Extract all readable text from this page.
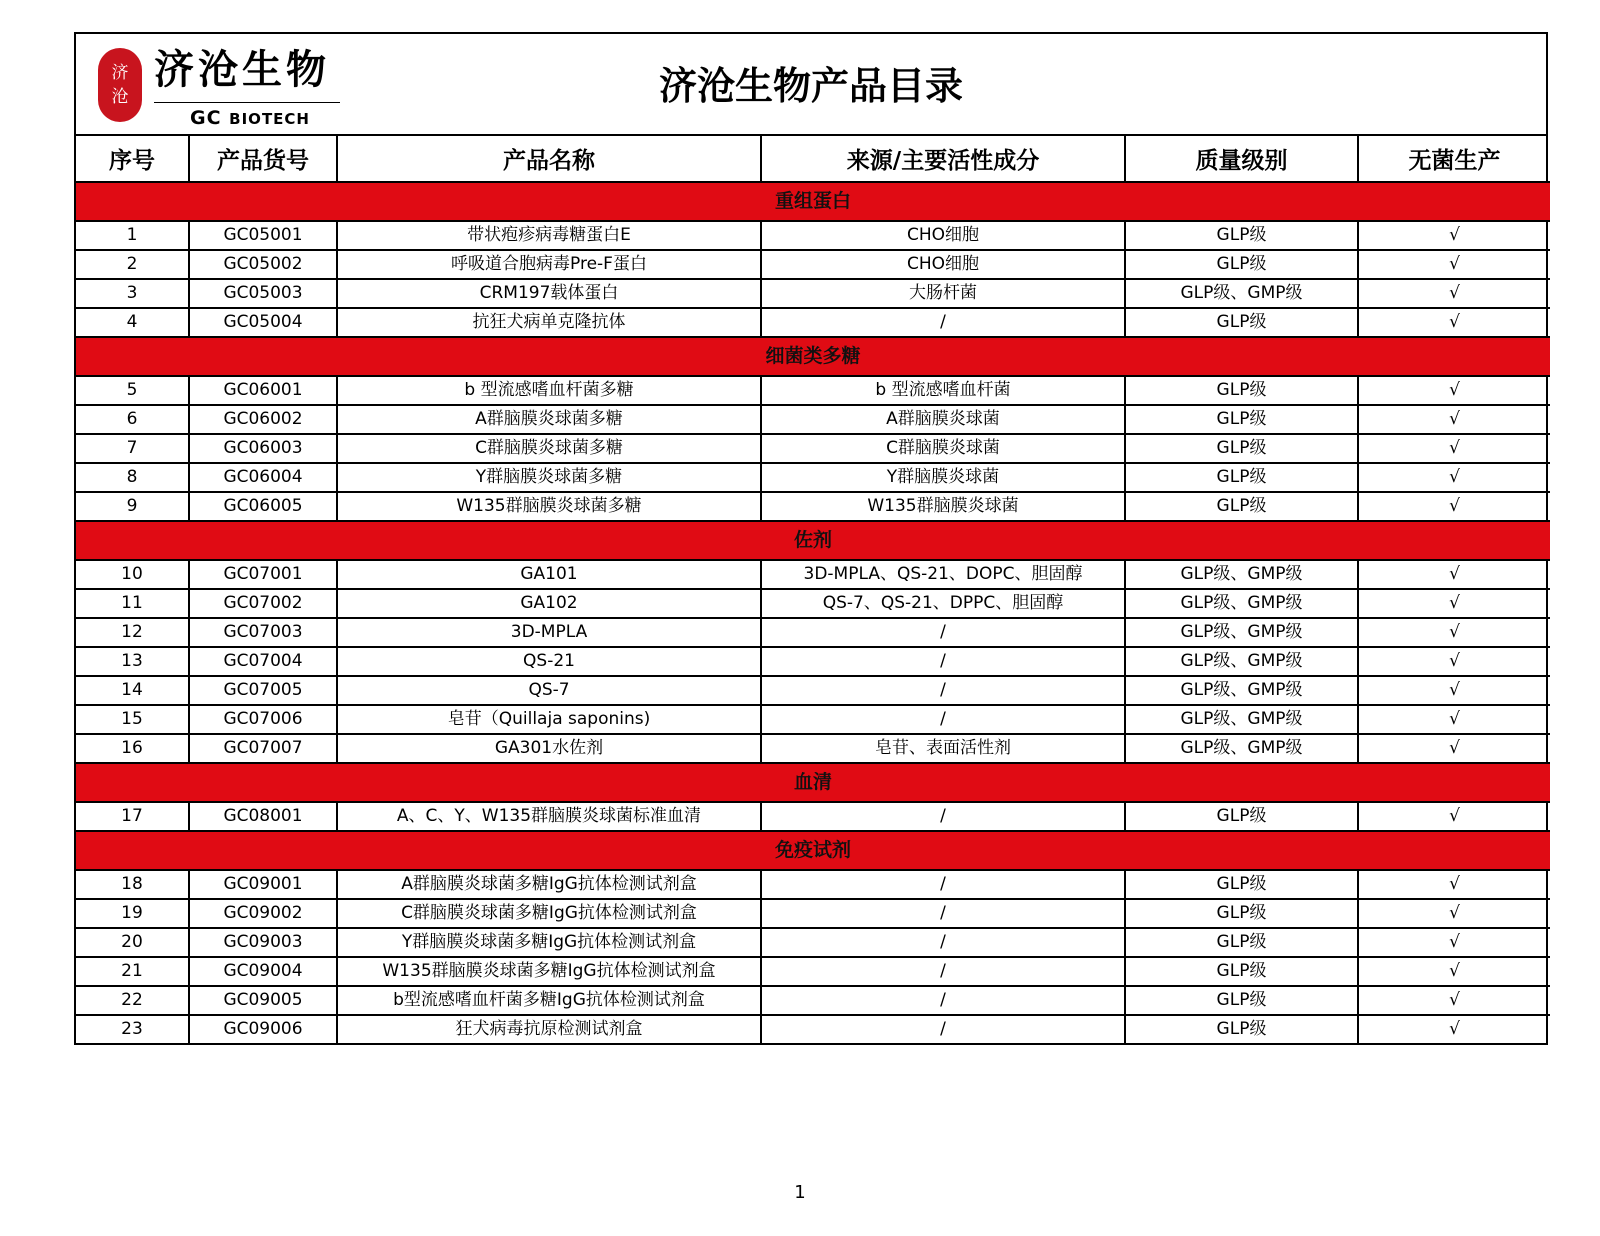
济
沧
济沧生物
GC BIOTECH
济沧生物产品目录
序号	产品货号	产品名称	来源/主要活性成分	质量级别	无菌生产
重组蛋白					
1	GC05001	带状疱疹病毒糖蛋白E	CHO细胞	GLP级	√
2	GC05002	呼吸道合胞病毒Pre-F蛋白	CHO细胞	GLP级	√
3	GC05003	CRM197载体蛋白	大肠杆菌	GLP级、GMP级	√
4	GC05004	抗狂犬病单克隆抗体	/	GLP级	√
细菌类多糖					
5	GC06001	b 型流感嗜血杆菌多糖	b 型流感嗜血杆菌	GLP级	√
6	GC06002	A群脑膜炎球菌多糖	A群脑膜炎球菌	GLP级	√
7	GC06003	C群脑膜炎球菌多糖	C群脑膜炎球菌	GLP级	√
8	GC06004	Y群脑膜炎球菌多糖	Y群脑膜炎球菌	GLP级	√
9	GC06005	W135群脑膜炎球菌多糖	W135群脑膜炎球菌	GLP级	√
佐剂					
10	GC07001	GA101	3D-MPLA、QS-21、DOPC、胆固醇	GLP级、GMP级	√
11	GC07002	GA102	QS-7、QS-21、DPPC、胆固醇	GLP级、GMP级	√
12	GC07003	3D-MPLA	/	GLP级、GMP级	√
13	GC07004	QS-21	/	GLP级、GMP级	√
14	GC07005	QS-7	/	GLP级、GMP级	√
15	GC07006	皂苷（Quillaja saponins)	/	GLP级、GMP级	√
16	GC07007	GA301水佐剂	皂苷、表面活性剂	GLP级、GMP级	√
血清					
17	GC08001	A、C、Y、W135群脑膜炎球菌标准血清	/	GLP级	√
免疫试剂					
18	GC09001	A群脑膜炎球菌多糖IgG抗体检测试剂盒	/	GLP级	√
19	GC09002	C群脑膜炎球菌多糖IgG抗体检测试剂盒	/	GLP级	√
20	GC09003	Y群脑膜炎球菌多糖IgG抗体检测试剂盒	/	GLP级	√
21	GC09004	W135群脑膜炎球菌多糖IgG抗体检测试剂盒	/	GLP级	√
22	GC09005	b型流感嗜血杆菌多糖IgG抗体检测试剂盒	/	GLP级	√
23	GC09006	狂犬病毒抗原检测试剂盒	/	GLP级	√
1
